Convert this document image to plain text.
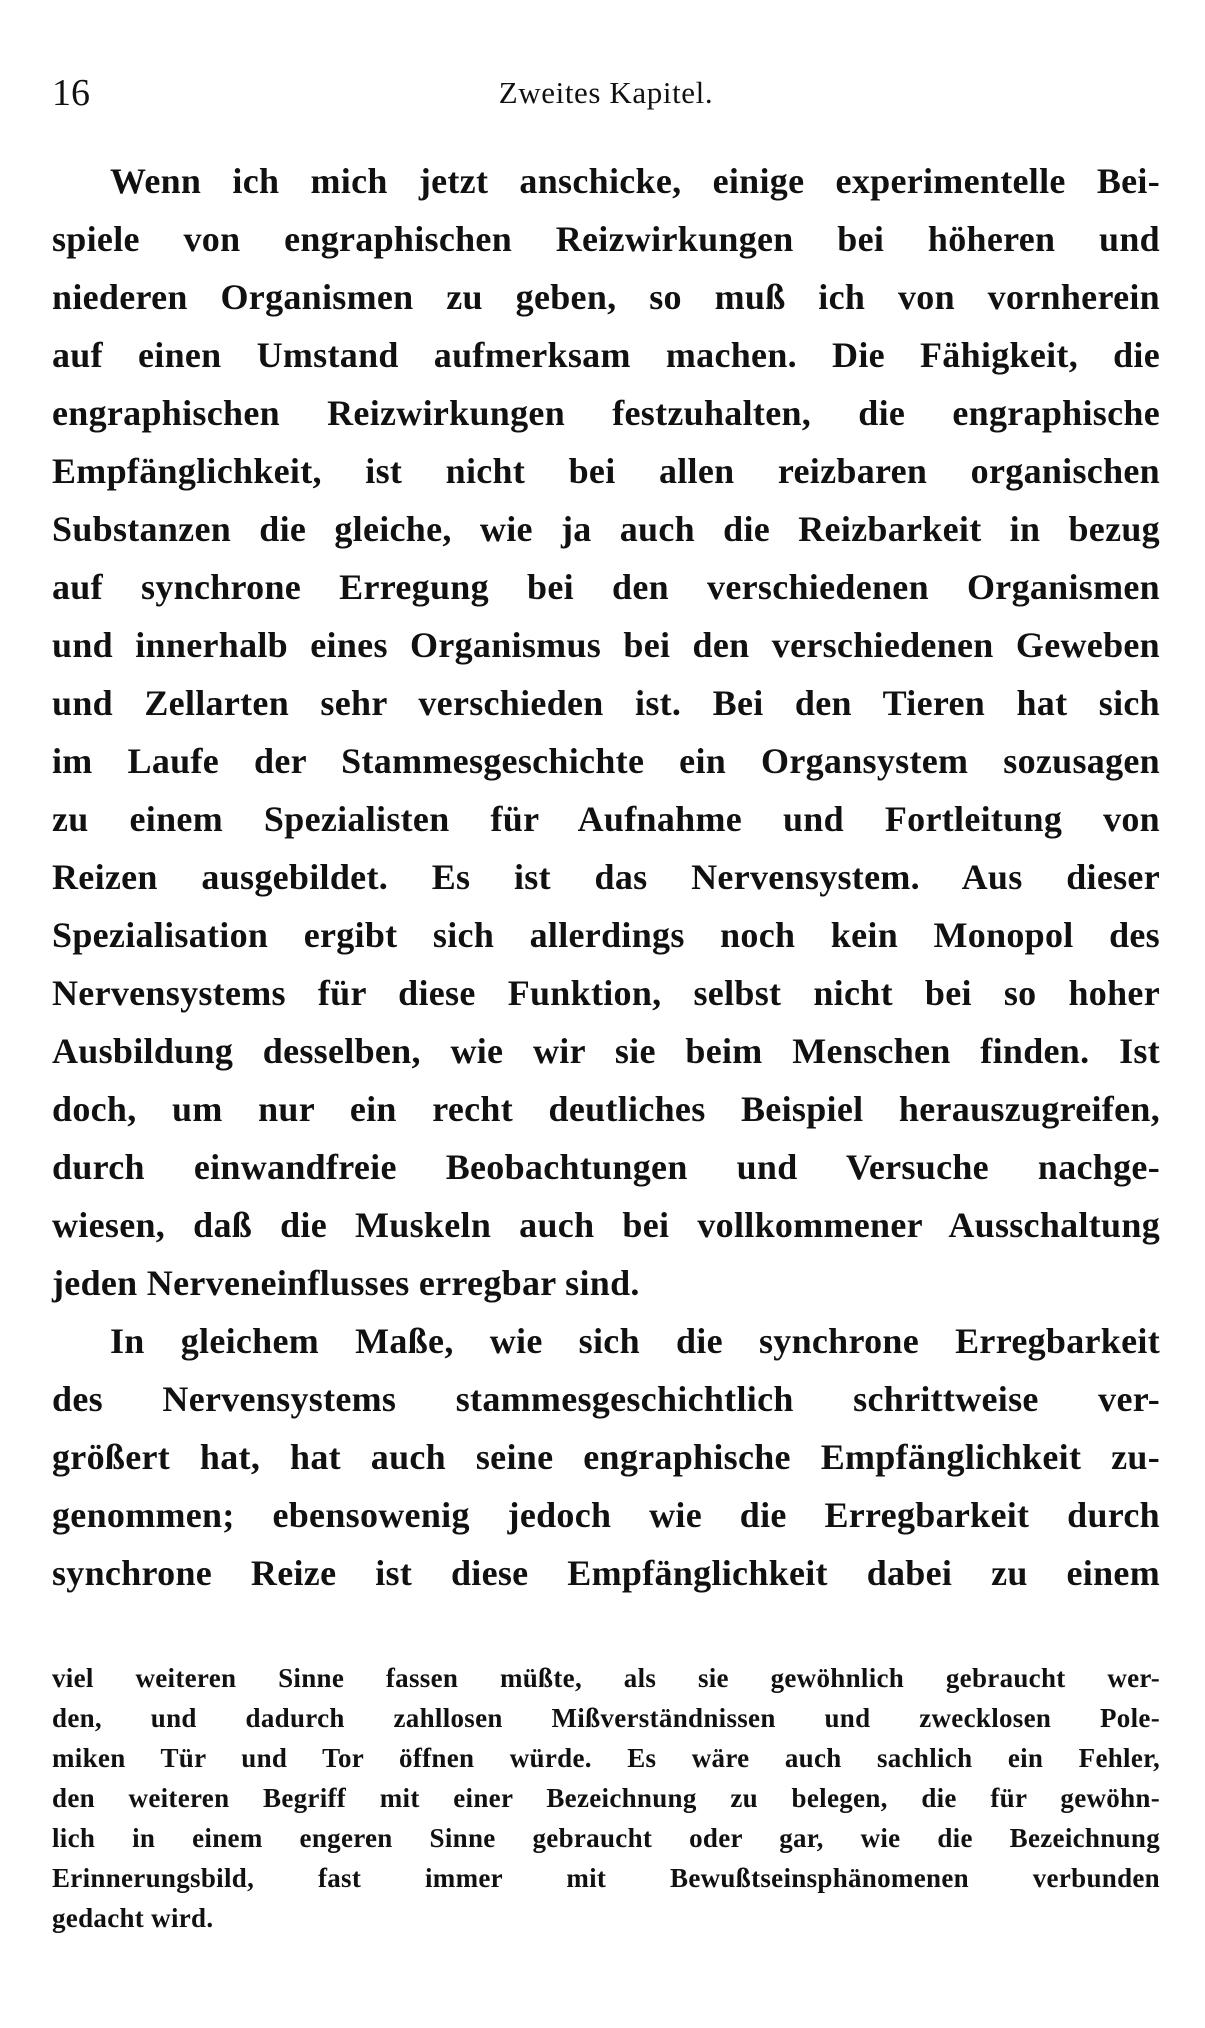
16	Zweites Kapitel.
Wenn ich mich jetzt anschicke, einige experimentelle Bei-
spiele von engraphischen Reizwirkungen bei höheren und
niederen Organismen zu geben, so muß ich von vornherein
auf einen Umstand aufmerksam machen. Die Fähigkeit, die
engraphischen Reizwirkungen festzuhalten, die engraphische
Empfänglichkeit, ist nicht bei allen reizbaren organischen
Substanzen die gleiche, wie ja auch die Reizbarkeit in bezug
auf synchrone Erregung bei den verschiedenen Organismen
und innerhalb eines Organismus bei den verschiedenen Geweben
und Zellarten sehr verschieden ist. Bei den Tieren hat sich
im Laufe der Stammesgeschichte ein Organsystem sozusagen
zu einem Spezialisten für Aufnahme und Fortleitung von
Reizen ausgebildet. Es ist das Nervensystem. Aus dieser
Spezialisation ergibt sich allerdings noch kein Monopol des
Nervensystems für diese Funktion, selbst nicht bei so hoher
Ausbildung desselben, wie wir sie beim Menschen finden. Ist
doch, um nur ein recht deutliches Beispiel herauszugreifen,
durch einwandfreie Beobachtungen und Versuche nachge-
wiesen, daß die Muskeln auch bei vollkommener Ausschaltung
jeden Nerveneinflusses erregbar sind.
In gleichem Maße, wie sich die synchrone Erregbarkeit
des Nervensystems stammesgeschichtlich schrittweise ver-
größert hat, hat auch seine engraphische Empfänglichkeit zu-
genommen; ebensowenig jedoch wie die Erregbarkeit durch
synchrone Reize ist diese Empfänglichkeit dabei zu einem
viel weiteren Sinne fassen müßte, als sie gewöhnlich gebraucht wer-
den, und dadurch zahllosen Mißverständnissen und zwecklosen Pole-
miken Tür und Tor öffnen würde. Es wäre auch sachlich ein Fehler,
den weiteren Begriff mit einer Bezeichnung zu belegen, die für gewöhn-
lich in einem engeren Sinne gebraucht oder gar, wie die Bezeichnung
Erinnerungsbild, fast immer mit Bewußtseinsphänomenen verbunden
gedacht wird.
